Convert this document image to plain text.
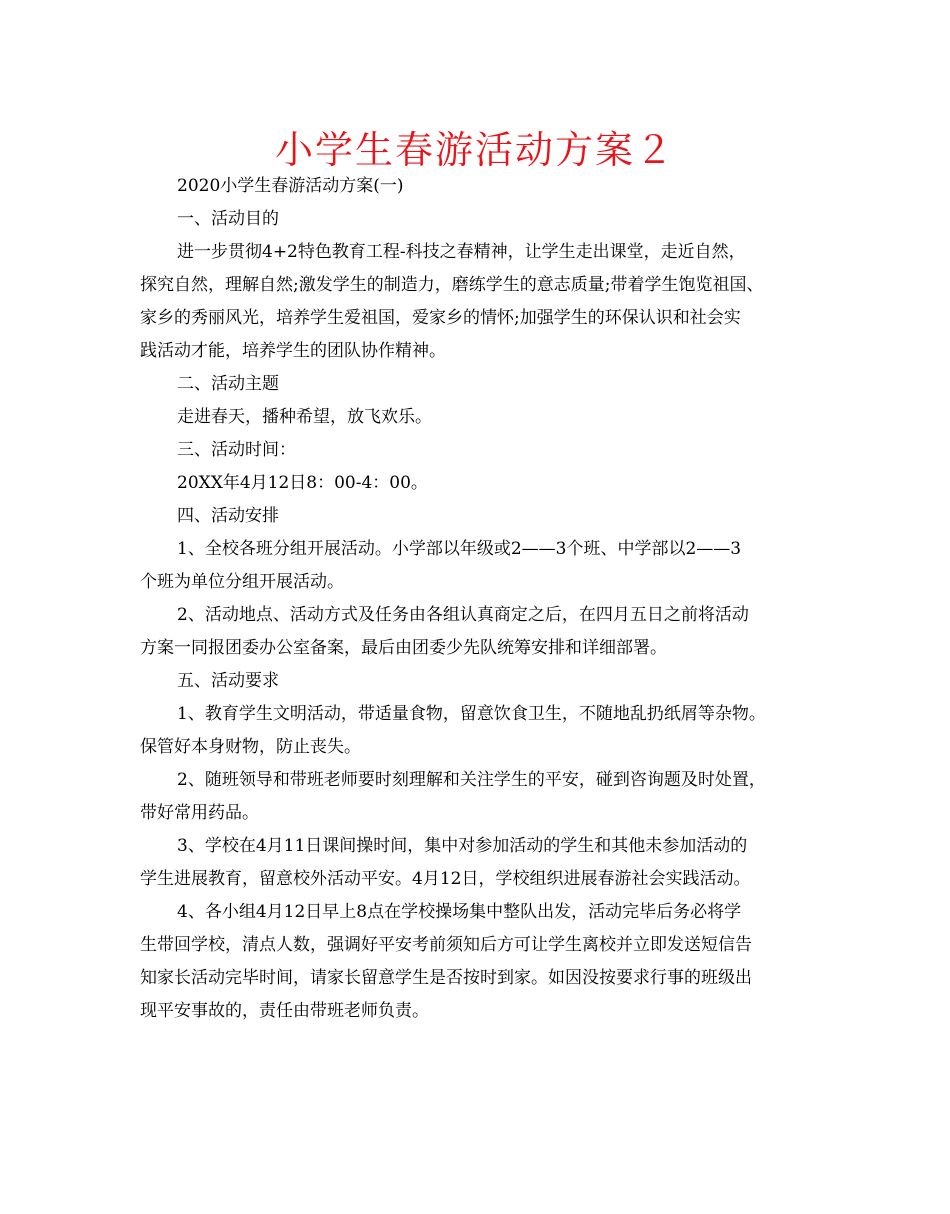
小学生春游活动方案２
2020小学生春游活动方案(一)
一、活动目的
进一步贯彻4+2特色教育工程-科技之春精神，让学生走出课堂，走近自然，
探究自然，理解自然;激发学生的制造力，磨练学生的意志质量;带着学生饱览祖国、
家乡的秀丽风光，培养学生爱祖国，爱家乡的情怀;加强学生的环保认识和社会实
践活动才能，培养学生的团队协作精神。
二、活动主题
走进春天，播种希望，放飞欢乐。
三、活动时间：
20XX年4月12日8：00-4：00。
四、活动安排
1、全校各班分组开展活动。小学部以年级或2——3个班、中学部以2——3
个班为单位分组开展活动。
2、活动地点、活动方式及任务由各组认真商定之后，在四月五日之前将活动
方案一同报团委办公室备案，最后由团委少先队统筹安排和详细部署。
五、活动要求
1、教育学生文明活动，带适量食物，留意饮食卫生，不随地乱扔纸屑等杂物。
保管好本身财物，防止丧失。
2、随班领导和带班老师要时刻理解和关注学生的平安，碰到咨询题及时处置，
带好常用药品。
3、学校在4月11日课间操时间，集中对参加活动的学生和其他未参加活动的
学生进展教育，留意校外活动平安。4月12日，学校组织进展春游社会实践活动。
4、各小组4月12日早上8点在学校操场集中整队出发，活动完毕后务必将学
生带回学校，清点人数，强调好平安考前须知后方可让学生离校并立即发送短信告
知家长活动完毕时间，请家长留意学生是否按时到家。如因没按要求行事的班级出
现平安事故的，责任由带班老师负责。
